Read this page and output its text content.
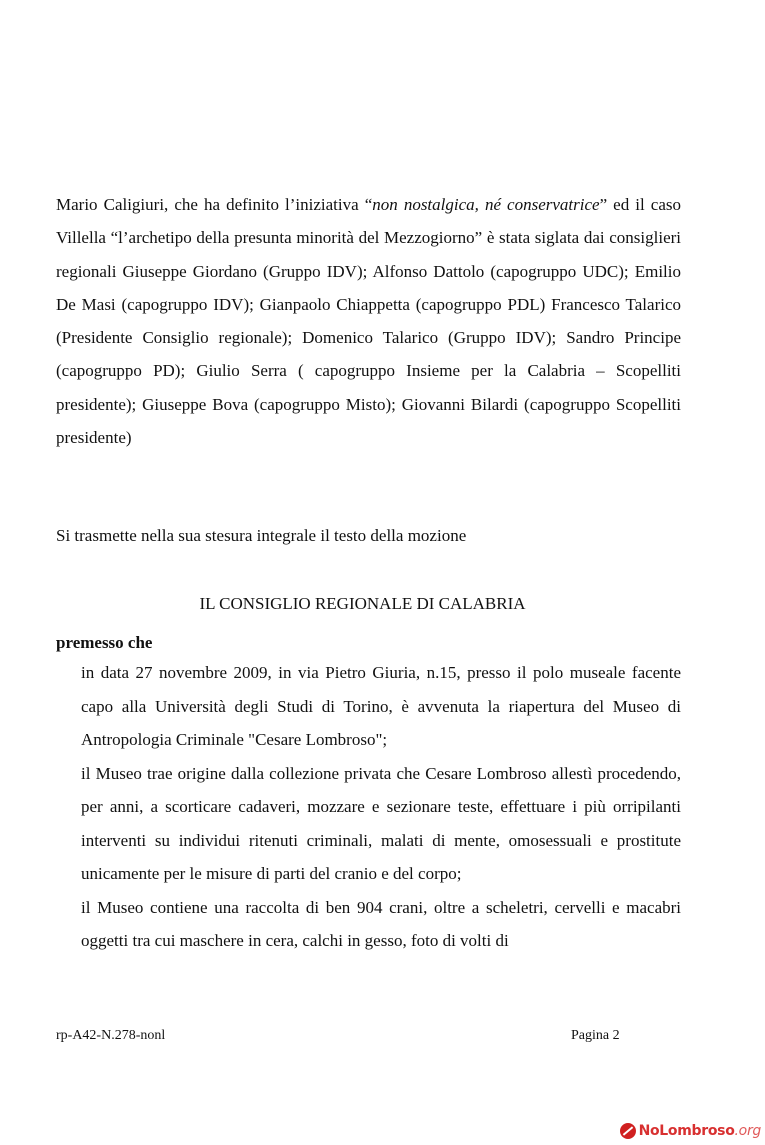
Mario Caligiuri, che ha definito l’iniziativa “non nostalgica, né conservatrice” ed il caso Villella “l’archetipo della presunta minorità del Mezzogiorno” è stata siglata dai consiglieri regionali Giuseppe Giordano (Gruppo IDV); Alfonso Dattolo (capogruppo UDC); Emilio De Masi (capogruppo IDV); Gianpaolo Chiappetta (capogruppo PDL) Francesco Talarico (Presidente Consiglio regionale); Domenico Talarico (Gruppo IDV); Sandro Principe (capogruppo PD); Giulio Serra ( capogruppo Insieme per la Calabria – Scopelliti presidente); Giuseppe Bova (capogruppo Misto); Giovanni Bilardi (capogruppo Scopelliti presidente)
Si trasmette nella sua stesura integrale il testo della mozione
IL CONSIGLIO REGIONALE DI CALABRIA
premesso che

in data 27 novembre 2009, in via Pietro Giuria, n.15, presso il polo museale facente capo alla Università degli Studi di Torino, è avvenuta la riapertura del Museo di Antropologia Criminale "Cesare Lombroso";

il Museo trae origine dalla collezione privata che Cesare Lombroso allestì procedendo, per anni, a scorticare cadaveri, mozzare e sezionare teste, effettuare i più orripilanti interventi su individui ritenuti criminali, malati di mente, omosessuali e prostitute unicamente per le misure di parti del cranio e del corpo;

il Museo contiene una raccolta di ben 904 crani, oltre a scheletri, cervelli e macabri oggetti tra cui maschere in cera, calchi in gesso, foto di volti di

rp-A42-N.278-nonl	Pagina 2
NoLombroso.org
